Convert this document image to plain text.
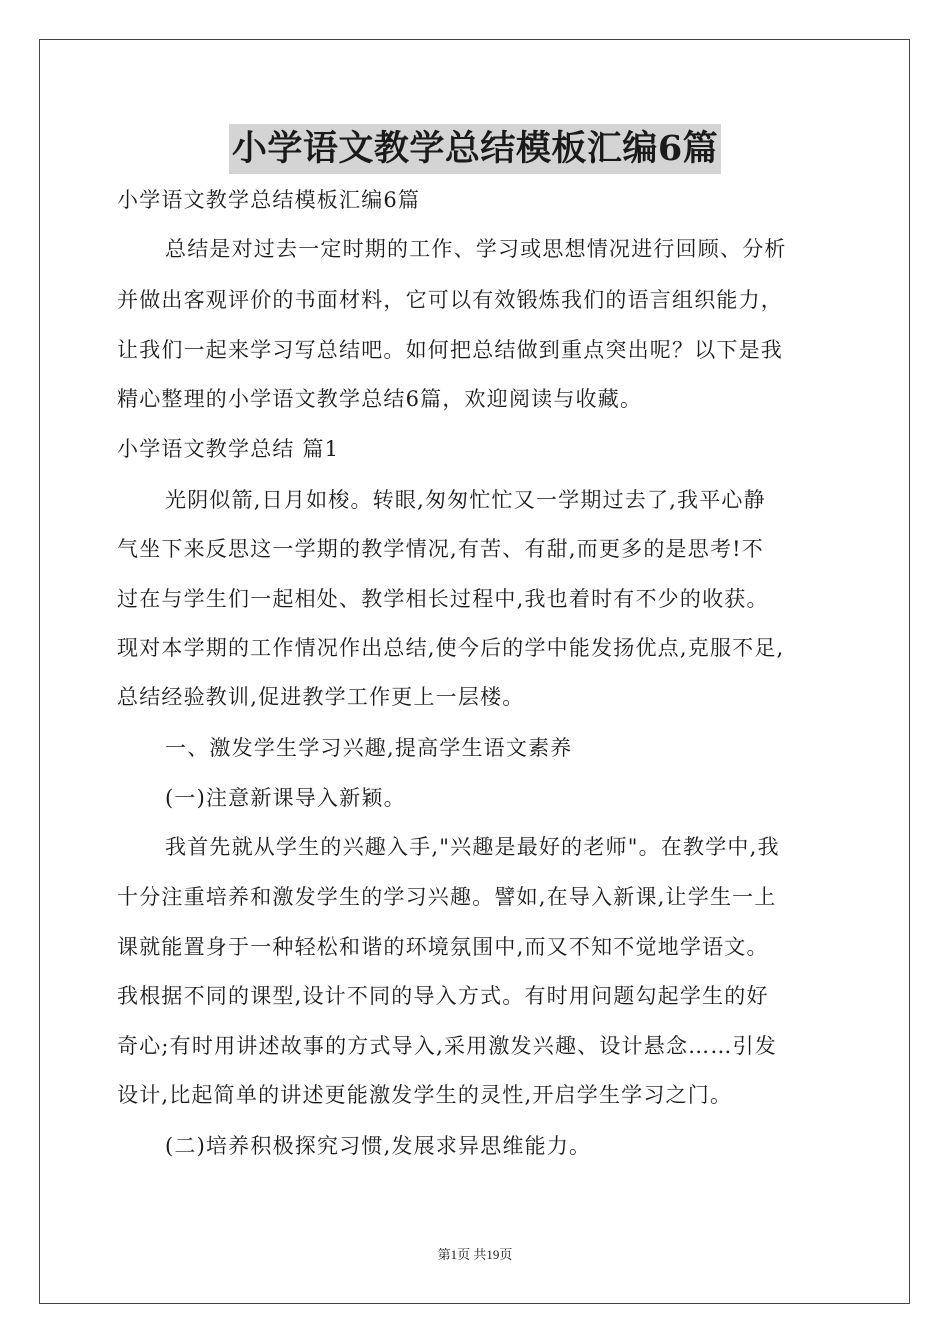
小学语文教学总结模板汇编6篇
小学语文教学总结模板汇编6篇
总结是对过去一定时期的工作、学习或思想情况进行回顾、分析
并做出客观评价的书面材料，它可以有效锻炼我们的语言组织能力，
让我们一起来学习写总结吧。如何把总结做到重点突出呢？以下是我
精心整理的小学语文教学总结6篇，欢迎阅读与收藏。
小学语文教学总结 篇1
光阴似箭,日月如梭。转眼,匆匆忙忙又一学期过去了,我平心静
气坐下来反思这一学期的教学情况,有苦、有甜,而更多的是思考!不
过在与学生们一起相处、教学相长过程中,我也着时有不少的收获。
现对本学期的工作情况作出总结,使今后的学中能发扬优点,克服不足,
总结经验教训,促进教学工作更上一层楼。
一、激发学生学习兴趣,提高学生语文素养
(一)注意新课导入新颖。
我首先就从学生的兴趣入手,"兴趣是最好的老师"。在教学中,我
十分注重培养和激发学生的学习兴趣。譬如,在导入新课,让学生一上
课就能置身于一种轻松和谐的环境氛围中,而又不知不觉地学语文。
我根据不同的课型,设计不同的导入方式。有时用问题勾起学生的好
奇心;有时用讲述故事的方式导入,采用激发兴趣、设计悬念……引发
设计,比起简单的讲述更能激发学生的灵性,开启学生学习之门。
(二)培养积极探究习惯,发展求异思维能力。
第1页 共19页
